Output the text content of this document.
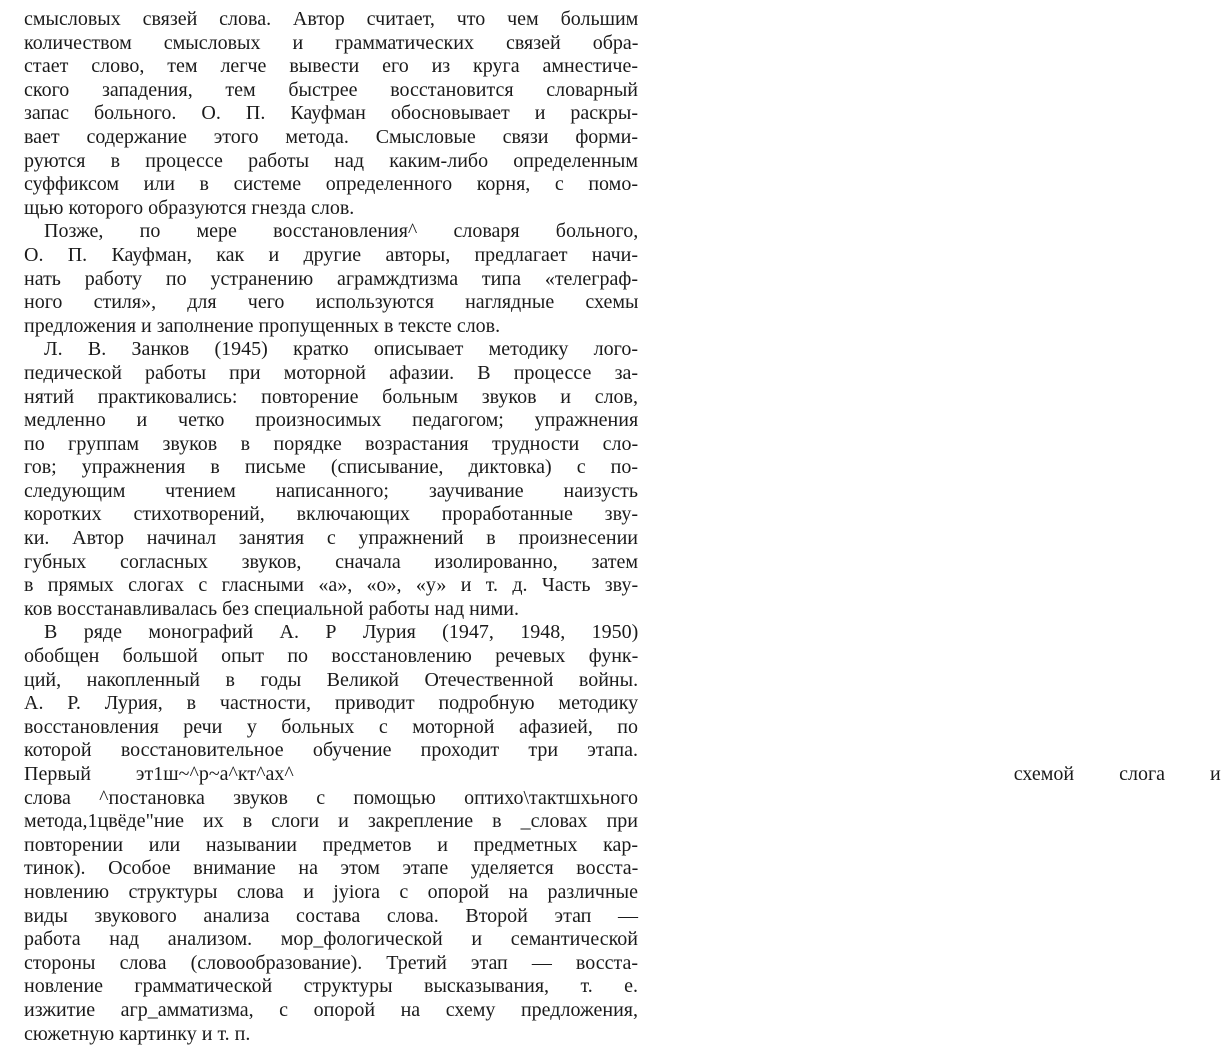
смысловых связей слова. Автор считает, что чем большим
количеством смысловых и грамматических связей обра-
стает слово, тем легче вывести его из круга амнестиче-
ского западения, тем быстрее восстановится словарный
запас больного. О. П. Кауфман обосновывает и раскры-
вает содержание этого метода. Смысловые связи форми-
руются в процессе работы над каким-либо определенным
суффиксом или в системе определенного корня, с помо-
щью которого образуются гнезда слов.
Позже, по мере восстановления^ словаря больного,
О. П. Кауфман, как и другие авторы, предлагает начи-
нать работу по устранению аграмждтизма типа «телеграф-
ного стиля», для чего используются наглядные схемы
предложения и заполнение пропущенных в тексте слов.
Л. В. Занков (1945) кратко описывает методику лого-
педической работы при моторной афазии. В процессе за-
нятий практиковались: повторение больным звуков и слов,
медленно и четко произносимых педагогом; упражнения
по группам звуков в порядке возрастания трудности сло-
гов; упражнения в письме (списывание, диктовка) с по-
следующим чтением написанного; заучивание наизусть
коротких стихотворений, включающих проработанные зву-
ки. Автор начинал занятия с упражнений в произнесении
губных согласных звуков, сначала изолированно, затем
в прямых слогах с гласными «а», «о», «у» и т. д. Часть зву-
ков восстанавливалась без специальной работы над ними.
В ряде монографий А. Р Лурия (1947, 1948, 1950)
обобщен большой опыт по восстановлению речевых функ-
ций, накопленный в годы Великой Отечественной войны.
А. Р. Лурия, в частности, приводит подробную методику
восстановления речи у больных с моторной афазией, по
которой восстановительное обучение проходит три этапа.
Первый эт1ш~^р~а^кт^ах^                схемой слога и
слова ^постановка звуков с помощью оптихо\тактшхьного
метода,1цвёде"ние их в слоги и закрепление в _словах при
повторении или назывании предметов и предметных кар-
тинок). Особое внимание на этом этапе уделяется восста-
новлению структуры слова и jyiora с опорой на различные
виды звукового анализа состава слова. Второй этап —
работа над анализом. мор_фологической и семантической
стороны слова (словообразование). Третий этап — восста-
новление грамматической структуры высказывания, т. е.
изжитие агр_амматизма, с опорой на схему предложения,
сюжетную картинку и т. п.
